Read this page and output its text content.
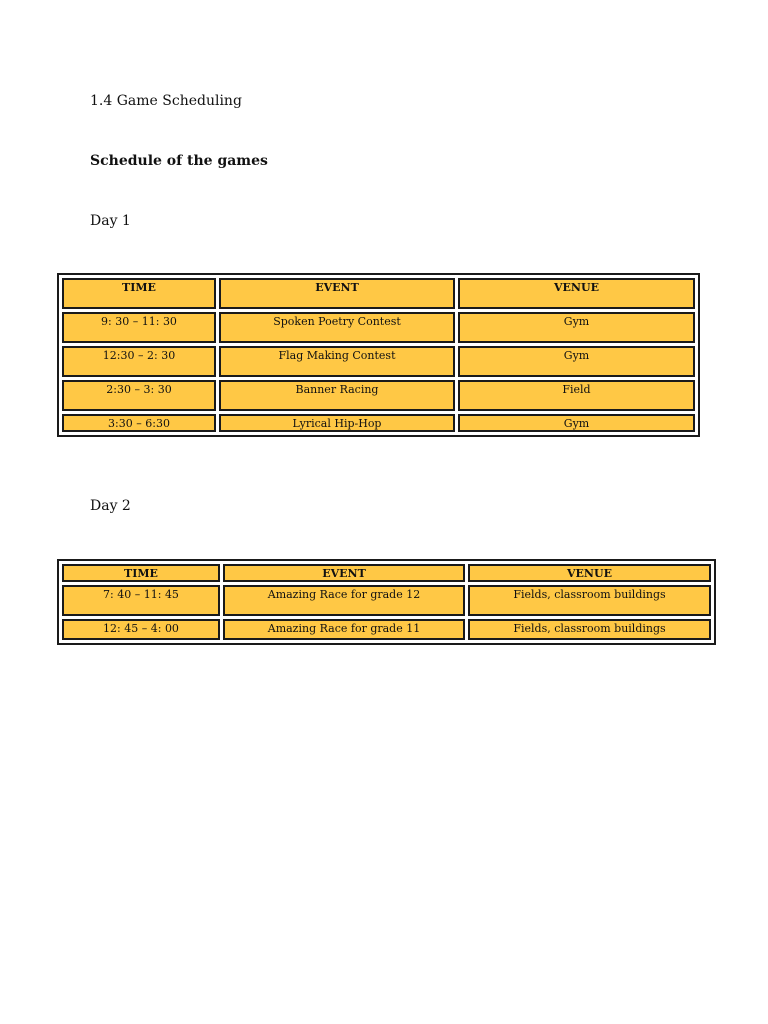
1.4 Game Scheduling
Schedule of the games
Day 1
TIME	EVENT	VENUE
9: 30 – 11: 30	Spoken Poetry Contest	Gym
12:30 – 2: 30	Flag Making Contest	Gym
2:30 – 3: 30	Banner Racing	Field
3:30 – 6:30	Lyrical Hip-Hop	Gym
Day 2
TIME	EVENT	VENUE
7: 40 – 11: 45	Amazing Race for grade 12	Fields, classroom buildings
12: 45 – 4: 00	Amazing Race for grade 11	Fields, classroom buildings
